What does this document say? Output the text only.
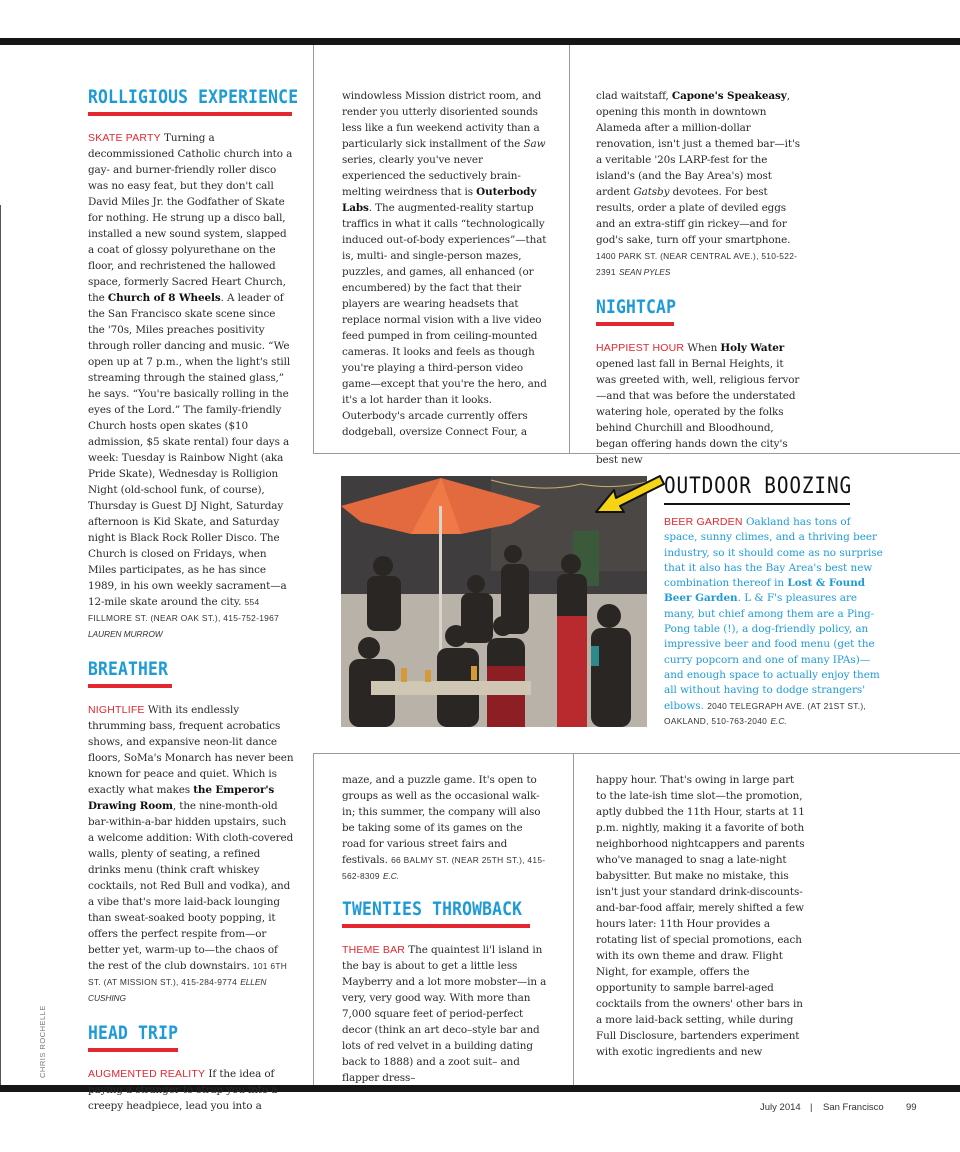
ROLLIGIOUS EXPERIENCE

SKATE PARTY Turning a decommissioned Catholic church into a gay- and burner-friendly roller disco was no easy feat, but they don't call David Miles Jr. the Godfather of Skate for nothing. He strung up a disco ball, installed a new sound system, slapped a coat of glossy polyurethane on the floor, and rechristened the hallowed space, formerly Sacred Heart Church, the Church of 8 Wheels. A leader of the San Francisco skate scene since the '70s, Miles preaches positivity through roller dancing and music. “We open up at 7 p.m., when the light's still streaming through the stained glass,” he says. “You're basically rolling in the eyes of the Lord.” The family-friendly Church hosts open skates ($10 admission, $5 skate rental) four days a week: Tuesday is Rainbow Night (aka Pride Skate), Wednesday is Rolligion Night (old-school funk, of course), Thursday is Guest DJ Night, Saturday afternoon is Kid Skate, and Saturday night is Black Rock Roller Disco. The Church is closed on Fridays, when Miles participates, as he has since 1989, in his own weekly sacrament—a 12-mile skate around the city. 554 FILLMORE ST. (NEAR OAK ST.), 415-752-1967 LAUREN MURROW

BREATHER

NIGHTLIFE With its endlessly thrumming bass, frequent acrobatics shows, and expansive neon-lit dance floors, SoMa's Monarch has never been known for peace and quiet. Which is exactly what makes the Emperor's Drawing Room, the nine-month-old bar-within-a-bar hidden upstairs, such a welcome addition: With cloth-covered walls, plenty of seating, a refined drinks menu (think craft whiskey cocktails, not Red Bull and vodka), and a vibe that's more laid-back lounging than sweat-soaked booty popping, it offers the perfect respite from—or better yet, warm-up to—the chaos of the rest of the club downstairs. 101 6TH ST. (AT MISSION ST.), 415-284-9774 ELLEN CUSHING

HEAD TRIP

AUGMENTED REALITY If the idea of paying a stranger to strap you into a creepy headpiece, lead you into a

windowless Mission district room, and render you utterly disoriented sounds less like a fun weekend activity than a particularly sick installment of the Saw series, clearly you've never experienced the seductively brain-melting weirdness that is Outerbody Labs. The augmented-reality startup traffics in what it calls “technologically induced out-of-body experiences”—that is, multi- and single-person mazes, puzzles, and games, all enhanced (or encumbered) by the fact that their players are wearing headsets that replace normal vision with a live video feed pumped in from ceiling-mounted cameras. It looks and feels as though you're playing a third-person video game—except that you're the hero, and it's a lot harder than it looks. Outerbody's arcade currently offers dodgeball, oversize Connect Four, a

clad waitstaff, Capone's Speakeasy, opening this month in downtown Alameda after a million-dollar renovation, isn't just a themed bar—it's a veritable '20s LARP-fest for the island's (and the Bay Area's) most ardent Gatsby devotees. For best results, order a plate of deviled eggs and an extra-stiff gin rickey—and for god's sake, turn off your smartphone. 1400 PARK ST. (NEAR CENTRAL AVE.), 510-522-2391 SEAN PYLES

NIGHTCAP

HAPPIEST HOUR When Holy Water opened last fall in Bernal Heights, it was greeted with, well, religious fervor—and that was before the understated watering hole, operated by the folks behind Churchill and Bloodhound, began offering hands down the city's best new

OUTDOOR BOOZING

BEER GARDEN Oakland has tons of space, sunny climes, and a thriving beer industry, so it should come as no surprise that it also has the Bay Area's best new combination thereof in Lost & Found Beer Garden. L & F's pleasures are many, but chief among them are a Ping-Pong table (!), a dog-friendly policy, an impressive beer and food menu (get the curry popcorn and one of many IPAs)—and enough space to actually enjoy them all without having to dodge strangers' elbows. 2040 TELEGRAPH AVE. (AT 21ST ST.), OAKLAND, 510-763-2040 E.C.

maze, and a puzzle game. It's open to groups as well as the occasional walk-in; this summer, the company will also be taking some of its games on the road for various street fairs and festivals. 66 BALMY ST. (NEAR 25TH ST.), 415-562-8309 E.C.

TWENTIES THROWBACK

THEME BAR The quaintest li'l island in the bay is about to get a little less Mayberry and a lot more mobster—in a very, very good way. With more than 7,000 square feet of period-perfect decor (think an art deco–style bar and lots of red velvet in a building dating back to 1888) and a zoot suit– and flapper dress–

happy hour. That's owing in large part to the late-ish time slot—the promotion, aptly dubbed the 11th Hour, starts at 11 p.m. nightly, making it a favorite of both neighborhood nightcappers and parents who've managed to snag a late-night babysitter. But make no mistake, this isn't just your standard drink-discounts-and-bar-food affair, merely shifted a few hours later: 11th Hour provides a rotating list of special promotions, each with its own theme and draw. Flight Night, for example, offers the opportunity to sample barrel-aged cocktails from the owners' other bars in a more laid-back setting, while during Full Disclosure, bartenders experiment with exotic ingredients and new

CHRIS ROCHELLE
July 2014 | San Francisco 99
